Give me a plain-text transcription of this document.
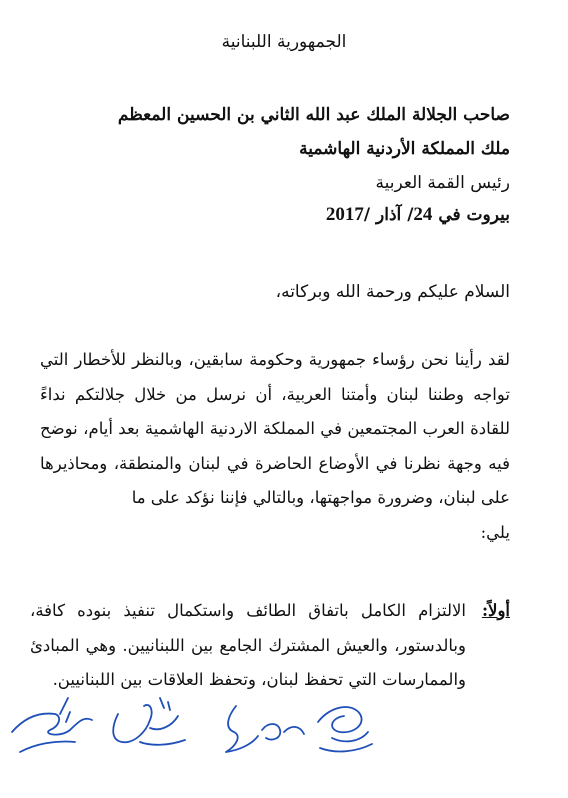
الجمهورية اللبنانية
صاحب الجلالة الملك عبد الله الثاني بن الحسين المعظم
ملك المملكة الأردنية الهاشمية
رئيس القمة العربية
بيروت في 24/ آذار /2017
السلام عليكم ورحمة الله وبركاته،
لقد رأينا نحن رؤساء جمهورية وحكومة سابقين، وبالنظر للأخطار التي تواجه وطننا لبنان وأمتنا العربية، أن نرسل من خلال جلالتكم نداءً للقادة العرب المجتمعين في المملكة الاردنية الهاشمية بعد أيام، نوضح فيه وجهة نظرنا في الأوضاع الحاضرة في لبنان والمنطقة، ومحاذيرها على لبنان، وضرورة مواجهتها، وبالتالي فإننا نؤكد على ما
يلي:
أولاً:
الالتزام الكامل باتفاق الطائف واستكمال تنفيذ بنوده كافة، وبالدستور، والعيش المشترك الجامع بين اللبنانيين. وهي المبادئ والممارسات التي تحفظ لبنان، وتحفظ العلاقات بين اللبنانيين.
